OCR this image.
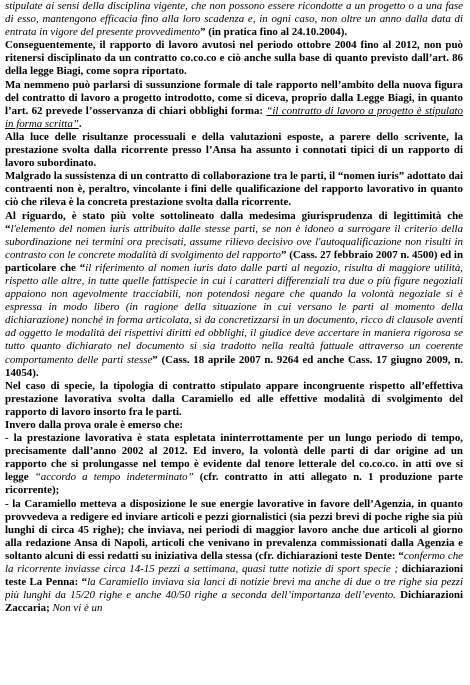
stipulate ai sensi della disciplina vigente, che non possono essere ricondotte a un progetto o a una fase di esso, mantengono efficacia fino alla loro scadenza e, in ogni caso, non oltre un anno dalla data di entrata in vigore del presente provvedimento” (in pratica fino al 24.10.2004).

Conseguentemente, il rapporto di lavoro avutosi nel periodo ottobre 2004 fino al 2012, non può ritenersi disciplinato da un contratto co.co.co e ciò anche sulla base di quanto previsto dall’art. 86 della legge Biagi, come sopra riportato.

Ma nemmeno può parlarsi di sussunzione formale di tale rapporto nell’ambito della nuova figura del contratto di lavoro a progetto introdotto, come si diceva, proprio dalla Legge Biagi, in quanto l’art. 62 prevede l’osservanza di chiari obblighi forma: “il contratto di lavoro a progetto è stipulato in forma scritta”.

Alla luce delle risultanze processuali e della valutazioni esposte, a parere dello scrivente, la prestazione svolta dalla ricorrente presso l’Ansa ha assunto i connotati tipici di un rapporto di lavoro subordinato.

Malgrado la sussistenza di un contratto di collaborazione tra le parti, il “nomen iuris” adottato dai contraenti non è, peraltro, vincolante i fini delle qualificazione del rapporto lavorativo in quanto ciò che rileva è la concreta prestazione svolta dalla ricorrente.

Al riguardo, è stato più volte sottolineato dalla medesima giurisprudenza di legittimità che “l'elemento del nomen iuris attribuito dalle stesse parti, se non è idoneo a surrogare il criterio della subordinazione nei termini ora precisati, assume rilievo decisivo ove l'autoqualificazione non risulti in contrasto con le concrete modalità di svolgimento del rapporto” (Cass. 27 febbraio 2007 n. 4500) ed in particolare che “il riferimento al nomen iuris dato dalle parti al negozio, risulta di maggiore utilità, rispetto alle altre, in tutte quelle fattispecie in cui i caratteri differenziali tra due o più figure negoziali appaiono non agevolmente tracciabili, non potendosi negare che quando la volontà negoziale si è espressa in modo libero (in ragione della situazione in cui versano le parti al momento della dichiarazione) nonché in forma articolata, sì da concretizzarsi in un documento, ricco di clausole aventi ad oggetto le modalità dei rispettivi diritti ed obblighi, il giudice deve accertare in maniera rigorosa se tutto quanto dichiarato nel documento si sia tradotto nella realtà fattuale attraverso un coerente comportamento delle parti stesse” (Cass. 18 aprile 2007 n. 9264 ed anche Cass. 17 giugno 2009, n. 14054).

Nel caso di specie, la tipologia di contratto stipulato appare incongruente rispetto all’effettiva prestazione lavorativa svolta dalla Caramiello ed alle effettive modalità di svolgimento del rapporto di lavoro insorto fra le parti.

Invero dalla prova orale è emerso che:

- la prestazione lavorativa è stata espletata ininterrottamente per un lungo periodo di tempo, precisamente dall’anno 2002 al 2012. Ed invero, la volontà delle parti di dar origine ad un rapporto che si prolungasse nel tempo è evidente dal tenore letterale del co.co.co. in atti ove si legge “accordo a tempo indeterminato” (cfr. contratto in atti allegato n. 1 produzione parte ricorrente);

- la Caramiello metteva a disposizione le sue energie lavorative in favore dell’Agenzia, in quanto provvedeva a redigere ed inviare articoli e pezzi giornalistici (sia pezzi brevi di poche righe sia più lunghi di circa 45 righe); che inviava, nei periodi di maggior lavoro anche due articoli al giorno alla redazione Ansa di Napoli, articoli che venivano in prevalenza commissionati dalla Agenzia e soltanto alcuni di essi redatti su iniziativa della stessa (cfr. dichiarazioni teste Dente: “confermo che la ricorrente inviasse circa 14-15 pezzi a settimana, quasi tutte notizie di sport specie ; dichiarazioni teste La Penna: “la Caramiello inviava sia lanci di notizie brevi ma anche di due o tre righe sia pezzi più lunghi da 15/20 righe e anche 40/50 righe a seconda dell’importanza dell’evento. Dichiarazioni Zaccaria; Non vi è un
